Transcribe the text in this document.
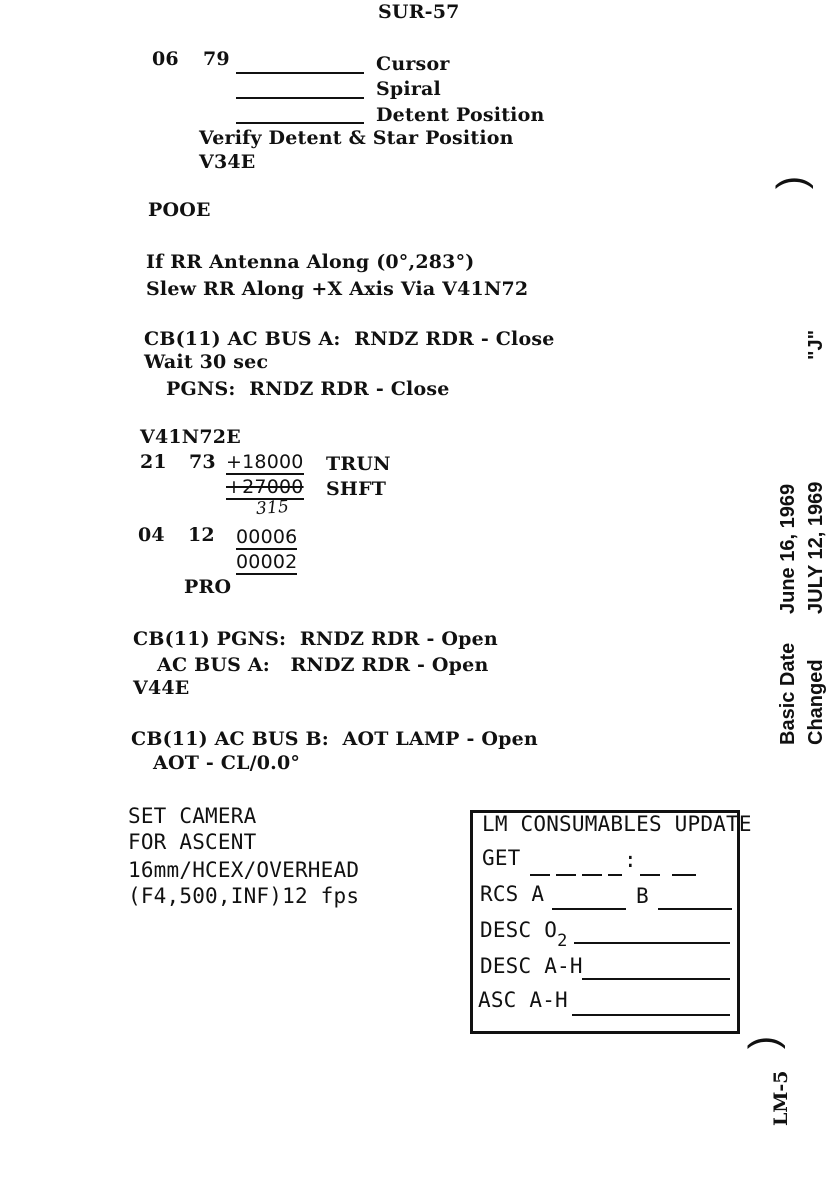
SUR-57
06 79	Cursor
Spiral
Detent Position
Verify Detent & Star Position
V34E
POOE
If RR Antenna Along (0°,283°)
Slew RR Along +X Axis Via V41N72
CB(11) AC BUS A:  RNDZ RDR - Close
Wait 30 sec
PGNS:  RNDZ RDR - Close
V41N72E
21 73 +18000 TRUN
+27000 SHFT
315
04 12 00006
00002
PRO
CB(11) PGNS:  RNDZ RDR - Open
AC BUS A:   RNDZ RDR - Open
V44E
CB(11) AC BUS B:  AOT LAMP - Open
AOT - CL/0.0°
SET CAMERA
FOR ASCENT
16mm/HCEX/OVERHEAD
(F4,500,INF)12 fps
LM CONSUMABLES UPDATE
GET	:
RCS A	B
DESC $O_2$
DESC A-H
ASC A-H
(
(
Basic Date
June 16, 1969
Changed
JULY 12, 1969
"J"
LM-5
